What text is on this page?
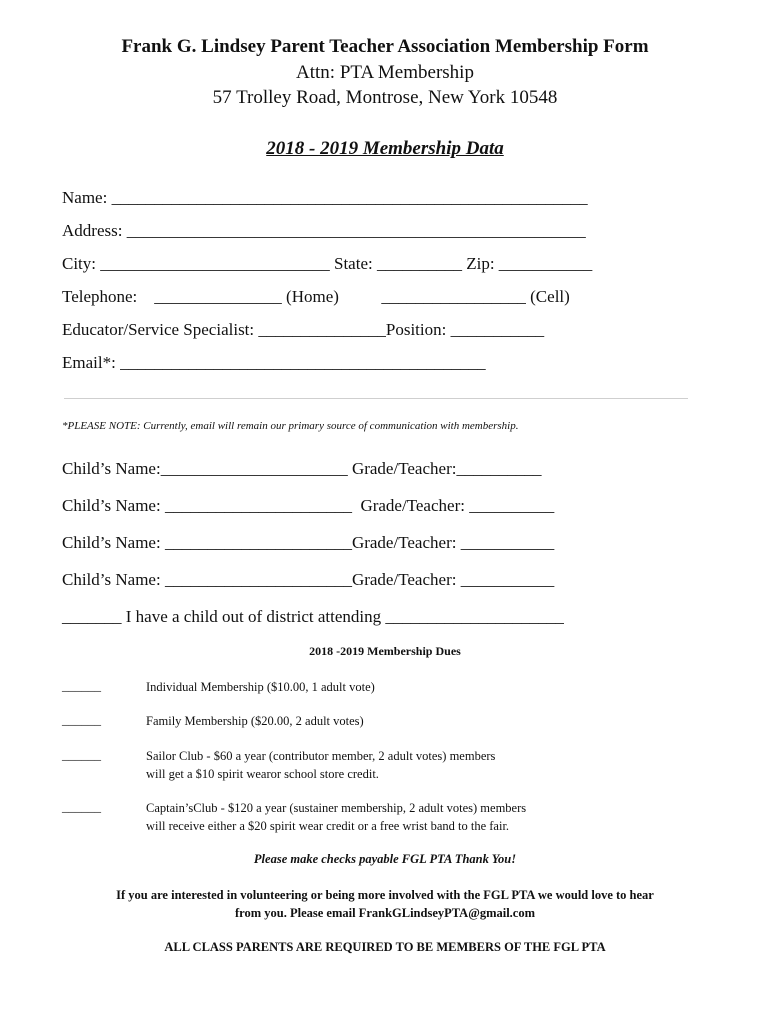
Frank G. Lindsey Parent Teacher Association Membership Form
Attn: PTA Membership
57 Trolley Road, Montrose, New York 10548
2018 - 2019 Membership Data
Name: ________________________________________________________
Address: ______________________________________________________
City: ___________________________ State: __________ Zip: ___________
Telephone:    _______________ (Home)          _________________ (Cell)
Educator/Service Specialist: _______________Position: ___________
Email*: ___________________________________________
*PLEASE NOTE: Currently, email will remain our primary source of communication with membership.
Child’s Name:______________________ Grade/Teacher:__________
Child’s Name: ______________________  Grade/Teacher: __________
Child’s Name: ______________________Grade/Teacher: ___________
Child’s Name: ______________________Grade/Teacher: ___________
_______ I have a child out of district attending _____________________
2018 -2019 Membership Dues
______	Individual Membership ($10.00, 1 adult vote)
______	Family Membership ($20.00, 2 adult votes)
______	Sailor Club - $60 a year (contributor member, 2 adult votes) members
will get a $10 spirit wearor school store credit.
______	Captain’sClub - $120 a year (sustainer membership, 2 adult votes) members
will receive either a $20 spirit wear credit or a free wrist band to the fair.
Please make checks payable FGL PTA Thank You!
If you are interested in volunteering or being more involved with the FGL PTA we would love to hear
from you. Please email FrankGLindseyPTA@gmail.com
ALL CLASS PARENTS ARE REQUIRED TO BE MEMBERS OF THE FGL PTA
